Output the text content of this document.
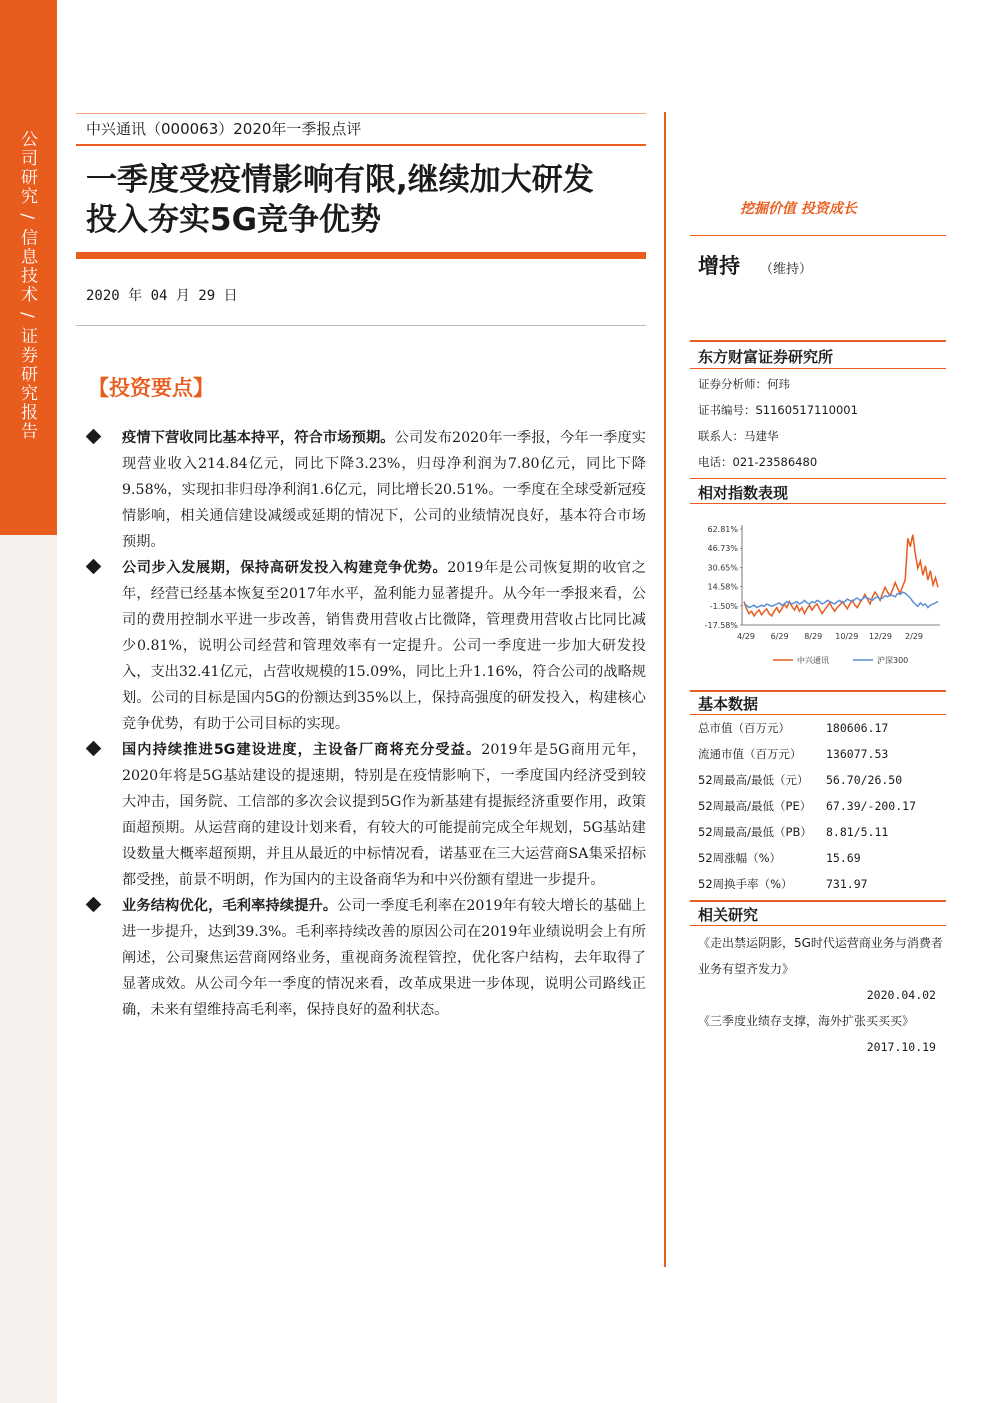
公司研究 / 信息技术 / 证券研究报告
中兴通讯（000063）2020年一季报点评
一季度受疫情影响有限,继续加大研发
投入夯实5G竞争优势
2020 年 04 月 29 日
【投资要点】
疫情下营收同比基本持平，符合市场预期。公司发布2020年一季报，今年一季度实现营业收入214.84亿元，同比下降3.23%，归母净利润为7.80亿元，同比下降9.58%，实现扣非归母净利润1.6亿元，同比增长20.51%。一季度在全球受新冠疫情影响，相关通信建设减缓或延期的情况下，公司的业绩情况良好，基本符合市场预期。
公司步入发展期，保持高研发投入构建竞争优势。2019年是公司恢复期的收官之年，经营已经基本恢复至2017年水平，盈利能力显著提升。从今年一季报来看，公司的费用控制水平进一步改善，销售费用营收占比微降，管理费用营收占比同比减少0.81%，说明公司经营和管理效率有一定提升。公司一季度进一步加大研发投入，支出32.41亿元，占营收规模的15.09%，同比上升1.16%，符合公司的战略规划。公司的目标是国内5G的份额达到35%以上，保持高强度的研发投入，构建核心竞争优势，有助于公司目标的实现。
国内持续推进5G建设进度，主设备厂商将充分受益。2019年是5G商用元年，2020年将是5G基站建设的提速期，特别是在疫情影响下，一季度国内经济受到较大冲击，国务院、工信部的多次会议提到5G作为新基建有提振经济重要作用，政策面超预期。从运营商的建设计划来看，有较大的可能提前完成全年规划，5G基站建设数量大概率超预期，并且从最近的中标情况看，诺基亚在三大运营商SA集采招标都受挫，前景不明朗，作为国内的主设备商华为和中兴份额有望进一步提升。
业务结构优化，毛利率持续提升。公司一季度毛利率在2019年有较大增长的基础上进一步提升，达到39.3%。毛利率持续改善的原因公司在2019年业绩说明会上有所阐述，公司聚焦运营商网络业务，重视商务流程管控，优化客户结构，去年取得了显著成效。从公司今年一季度的情况来看，改革成果进一步体现，说明公司路线正确，未来有望维持高毛利率，保持良好的盈利状态。
挖掘价值 投资成长
增持 （维持）
东方财富证券研究所
证券分析师：何玮
证书编号：S1160517110001
联系人：马建华
电话：021-23586480
相对指数表现
62.81%
46.73%
30.65%
14.58%
-1.50%
-17.58%
4/29 6/29 8/29 10/29 12/29 2/29
中兴通讯	沪深300
基本数据
总市值（百万元）	180606.17
流通市值（百万元）	136077.53
52周最高/最低（元）	56.70/26.50
52周最高/最低（PE）	67.39/-200.17
52周最高/最低（PB）	8.81/5.11
52周涨幅（%）	15.69
52周换手率（%）	731.97
相关研究
《走出禁运阴影，5G时代运营商业务与消费者业务有望齐发力》
2020.04.02
《三季度业绩存支撑，海外扩张买买买》
2017.10.19
